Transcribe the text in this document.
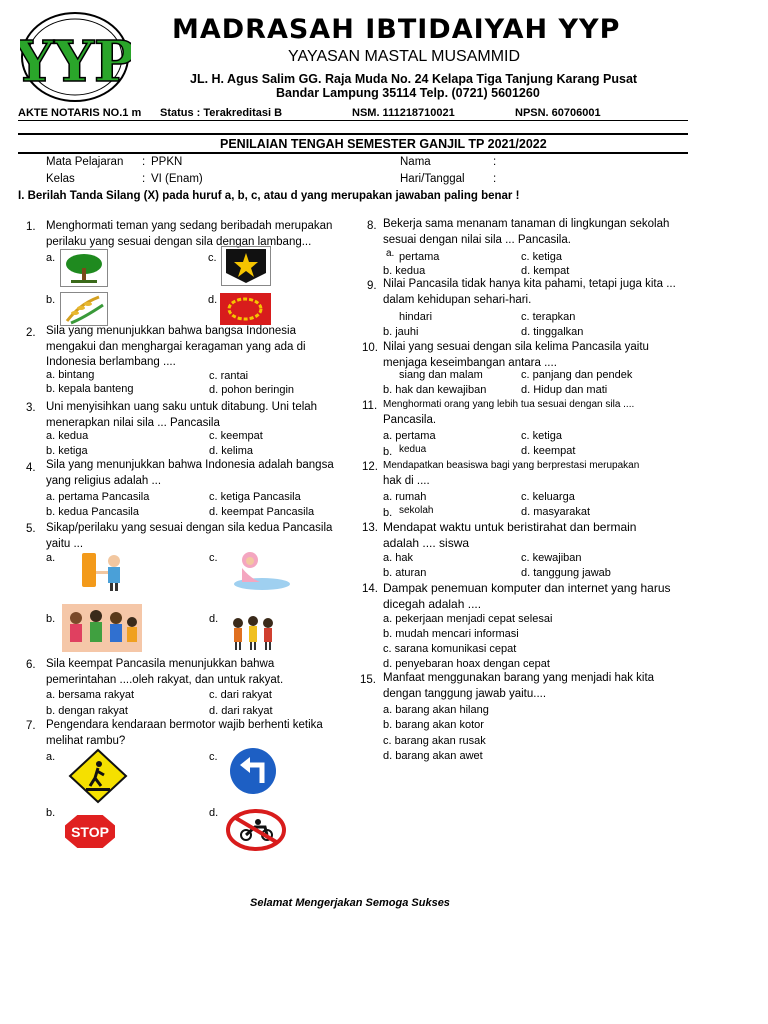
YYP MADRASAH IBTIDAIYAH YYP
YAYASAN MASTAL MUSAMMID
JL. H. Agus Salim GG. Raja Muda No. 24 Kelapa Tiga Tanjung Karang Pusat
Bandar Lampung 35114 Telp. (0721) 5601260
AKTE NOTARIS NO.1 m Status : Terakreditasi B	NSM. 111218710021	NPSN. 60706001
PENILAIAN TENGAH SEMESTER GANJIL TP 2021/2022
Mata Pelajaran : PPKN
Kelas	: VI (Enam)
Nama	:
Hari/Tanggal :
I. Berilah Tanda Silang (X) pada huruf a, b, c, atau d yang merupakan jawaban paling benar !
1. Menghormati teman yang sedang beribadah merupakan perilaku yang sesuai dengan sila dengan lambang...
a.	c.
b.	d.
2. Sila yang menunjukkan bahwa bangsa Indonesia mengakui dan menghargai keragaman yang ada di Indonesia berlambang ....
a. bintang
b. kepala banteng
c. rantai
d. pohon beringin
3. Uni menyisihkan uang saku untuk ditabung. Uni telah menerapkan nilai sila ... Pancasila
a. kedua
b. ketiga
c. keempat
d. kelima
4. Sila yang menunjukkan bahwa Indonesia adalah bangsa yang religius adalah ...
a. pertama Pancasila
b. kedua Pancasila
c. ketiga Pancasila
d. keempat Pancasila
5. Sikap/perilaku yang sesuai dengan sila kedua Pancasila yaitu ...
a.	c.
b.	d.
6. Sila keempat Pancasila menunjukkan bahwa pemerintahan ....oleh rakyat, dan untuk rakyat.
a. bersama rakyat
b. dengan rakyat
c. dari rakyat
d. dari rakyat
7. Pengendara kendaraan bermotor wajib berhenti ketika melihat rambu?
a.	c.
b.
STOP
d.
8. Bekerja sama menanam tanaman di lingkungan sekolah sesuai dengan nilai sila ... Pancasila.
a. pertama
b. kedua
c. ketiga
d. kempat
9. Nilai Pancasila tidak hanya kita pahami, tetapi juga kita ... dalam kehidupan sehari-hari.
hindari
b. jauhi
c. terapkan
d. tinggalkan
10. Nilai yang sesuai dengan sila kelima Pancasila yaitu menjaga keseimbangan antara ....
siang dan malam
b. hak dan kewajiban
c. panjang dan pendek
d. Hidup dan mati
11. Menghormati orang yang lebih tua sesuai dengan sila ....
Pancasila.
a. pertama
b. kedua
c. ketiga
d. keempat
12. Mendapatkan beasiswa bagi yang berprestasi merupakan
hak di ....
a. rumah
b. sekolah
c. keluarga
d. masyarakat
13. Mendapat waktu untuk beristirahat dan bermain adalah .... siswa
a. hak
b. aturan
c. kewajiban
d. tanggung jawab
14. Dampak penemuan komputer dan internet yang harus dicegah adalah ....
a. pekerjaan menjadi cepat selesai
b. mudah mencari informasi
c. sarana komunikasi cepat
d. penyebaran hoax dengan cepat
15. Manfaat menggunakan barang yang menjadi hak kita dengan tanggung jawab yaitu....
a. barang akan hilang
b. barang akan kotor
c. barang akan rusak
d. barang akan awet
Selamat Mengerjakan Semoga Sukses
